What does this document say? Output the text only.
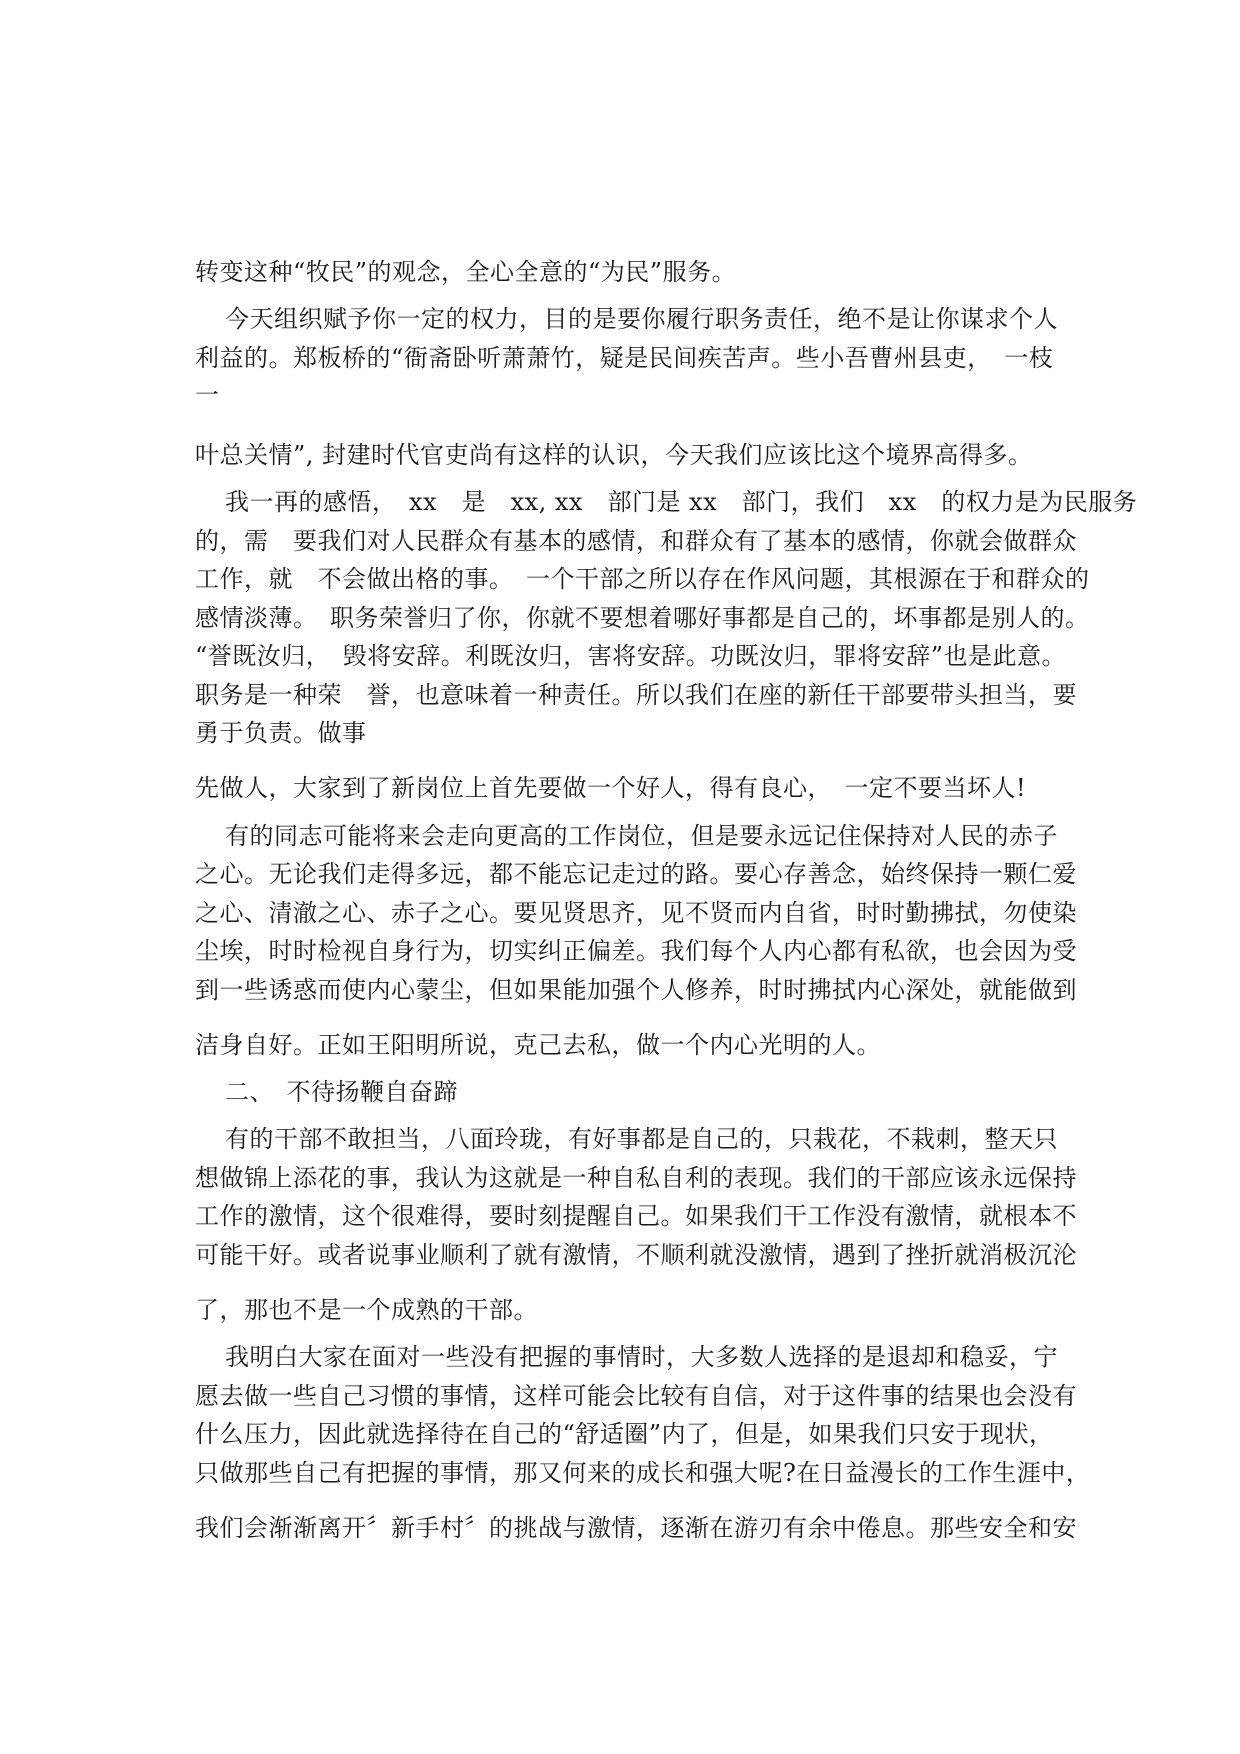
转变这种“牧民”的观念，全心全意的“为民”服务。
今天组织赋予你一定的权力，目的是要你履行职务责任，绝不是让你谋求个人
利益的。郑板桥的“衙斋卧听萧萧竹，疑是民间疾苦声。些小吾曹州县吏，　一枝
一
叶总关情”, 封建时代官吏尚有这样的认识，今天我们应该比这个境界高得多。
我一再的感悟，　xx　是　xx, xx　部门是 xx　部门，我们　xx　的权力是为民服务
的，需　要我们对人民群众有基本的感情，和群众有了基本的感情，你就会做群众
工作，就　不会做出格的事。　一个干部之所以存在作风问题，其根源在于和群众的
感情淡薄。　职务荣誉归了你，你就不要想着哪好事都是自己的，坏事都是别人的。
“誉既汝归，　毁将安辞。利既汝归，害将安辞。功既汝归，罪将安辞”也是此意。
职务是一种荣　誉，也意味着一种责任。所以我们在座的新任干部要带头担当，要
勇于负责。做事
先做人，大家到了新岗位上首先要做一个好人，得有良心，　一定不要当坏人!
有的同志可能将来会走向更高的工作岗位，但是要永远记住保持对人民的赤子
之心。无论我们走得多远，都不能忘记走过的路。要心存善念，始终保持一颗仁爱
之心、清澈之心、赤子之心。要见贤思齐，见不贤而内自省，时时勤拂拭，勿使染
尘埃，时时检视自身行为，切实纠正偏差。我们每个人内心都有私欲，也会因为受
到一些诱惑而使内心蒙尘，但如果能加强个人修养，时时拂拭内心深处，就能做到
洁身自好。正如王阳明所说，克己去私，做一个内心光明的人。
二、　不待扬鞭自奋蹄
有的干部不敢担当，八面玲珑，有好事都是自己的，只栽花，不栽刺，整天只
想做锦上添花的事，我认为这就是一种自私自利的表现。我们的干部应该永远保持
工作的激情，这个很难得，要时刻提醒自己。如果我们干工作没有激情，就根本不
可能干好。或者说事业顺利了就有激情，不顺利就没激情，遇到了挫折就消极沉沦
了，那也不是一个成熟的干部。
我明白大家在面对一些没有把握的事情时，大多数人选择的是退却和稳妥，宁
愿去做一些自己习惯的事情，这样可能会比较有自信，对于这件事的结果也会没有
什么压力，因此就选择待在自己的“舒适圈”内了，但是，如果我们只安于现状，
只做那些自己有把握的事情，那又何来的成长和强大呢?在日益漫长的工作生涯中，
我们会渐渐离开〞新手村〞的挑战与激情，逐渐在游刃有余中倦息。那些安全和安
